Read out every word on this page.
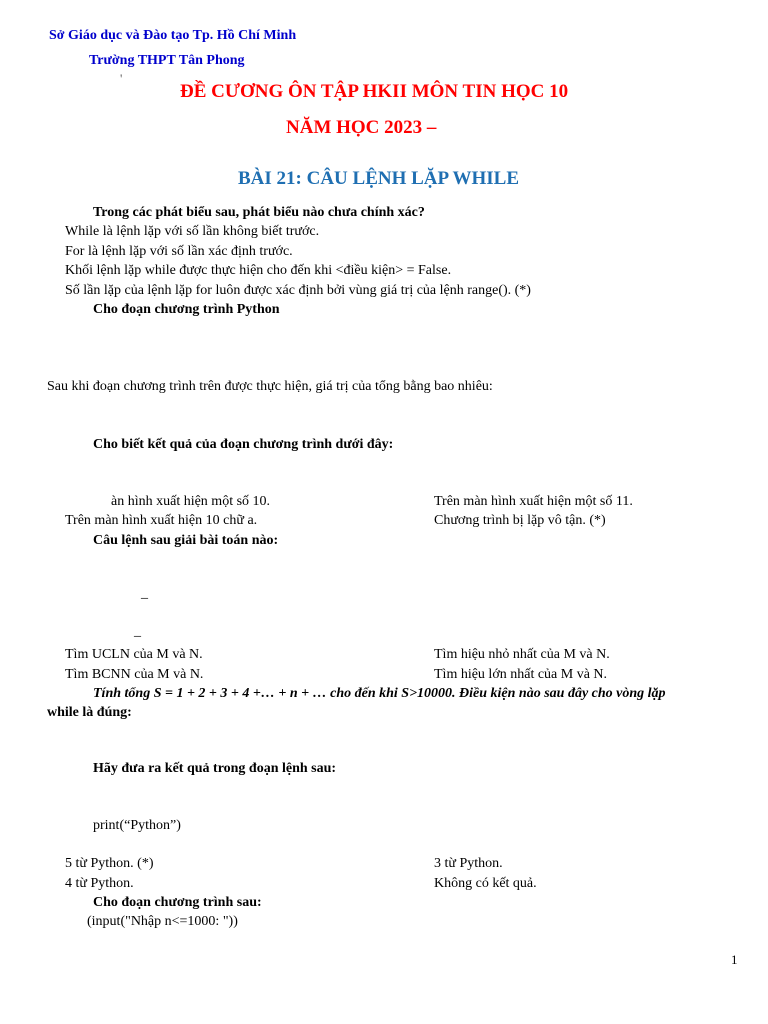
Sở Giáo dục và Đào tạo Tp. Hồ Chí Minh
Trường THPT Tân Phong
'
ĐỀ CƯƠNG ÔN TẬP HKII MÔN TIN HỌC 10
NĂM HỌC 2023 –
BÀI 21: CÂU LỆNH LẶP WHILE
Trong các phát biểu sau, phát biểu nào chưa chính xác?
While là lệnh lặp với số lần không biết trước.
For là lệnh lặp với số lần xác định trước.
Khối lệnh lặp while được thực hiện cho đến khi <điều kiện> = False.
Số lần lặp của lệnh lặp for luôn được xác định bởi vùng giá trị của lệnh range(). (*)
Cho đoạn chương trình Python
Sau khi đoạn chương trình trên được thực hiện, giá trị của tổng bằng bao nhiêu:
Cho biết kết quả của đoạn chương trình dưới đây:
àn hình xuất hiện một số 10.	Trên màn hình xuất hiện một số 11.
Trên màn hình xuất hiện 10 chữ a.	Chương trình bị lặp vô tận. (*)
Câu lệnh sau giải bài toán nào:
_
_
Tìm UCLN của M và N.	Tìm hiệu nhỏ nhất của M và N.
Tìm BCNN của M và N.	Tìm hiệu lớn nhất của M và N.
Tính tổng S = 1 + 2 + 3 + 4 +… + n + … cho đến khi S>10000. Điều kiện nào sau đây cho vòng lặp
while là đúng:
Hãy đưa ra kết quả trong đoạn lệnh sau:
print(“Python”)
5 từ Python. (*)	3 từ Python.
4 từ Python.	Không có kết quả.
Cho đoạn chương trình sau:
(input("Nhập n<=1000: "))
1
